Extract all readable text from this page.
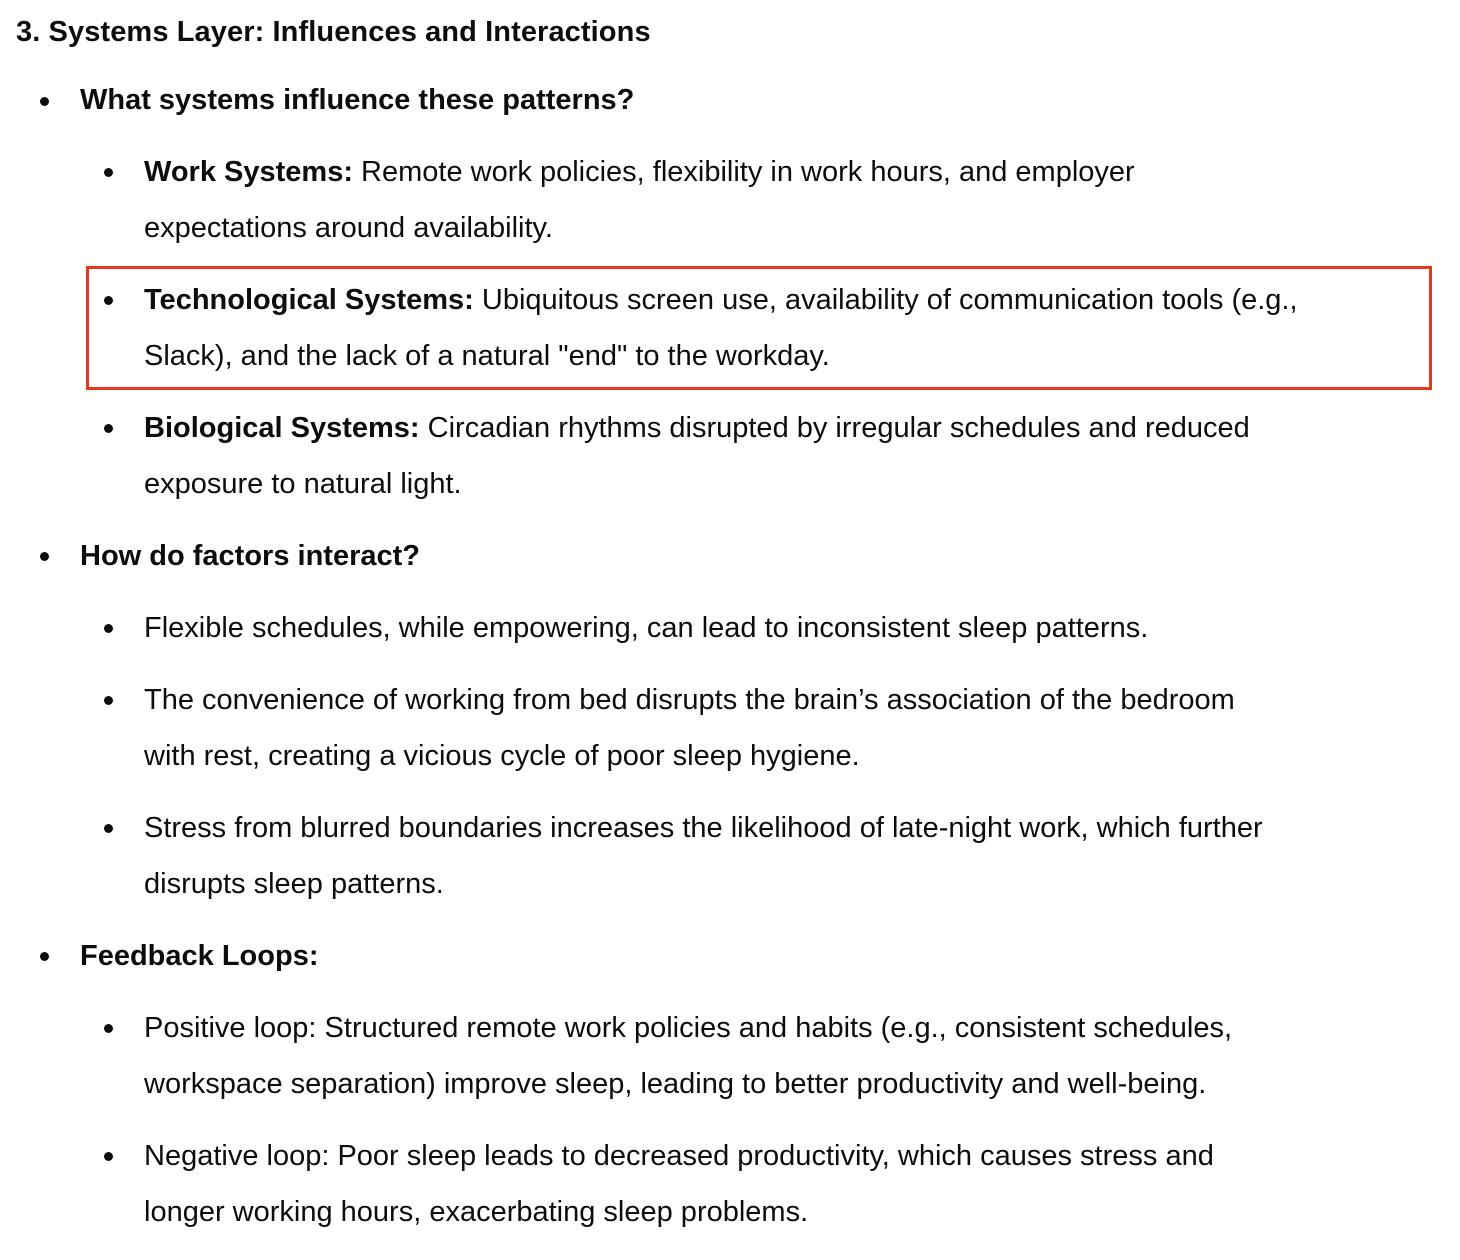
3. Systems Layer: Influences and Interactions

What systems influence these patterns?

Work Systems: Remote work policies, flexibility in work hours, and employer

expectations around availability.

Technological Systems: Ubiquitous screen use, availability of communication tools (e.g.,

Slack), and the lack of a natural "end" to the workday.

Biological Systems: Circadian rhythms disrupted by irregular schedules and reduced

exposure to natural light.

How do factors interact?

Flexible schedules, while empowering, can lead to inconsistent sleep patterns.

The convenience of working from bed disrupts the brain’s association of the bedroom

with rest, creating a vicious cycle of poor sleep hygiene.

Stress from blurred boundaries increases the likelihood of late-night work, which further

disrupts sleep patterns.

Feedback Loops:

Positive loop: Structured remote work policies and habits (e.g., consistent schedules,

workspace separation) improve sleep, leading to better productivity and well-being.

Negative loop: Poor sleep leads to decreased productivity, which causes stress and

longer working hours, exacerbating sleep problems.
